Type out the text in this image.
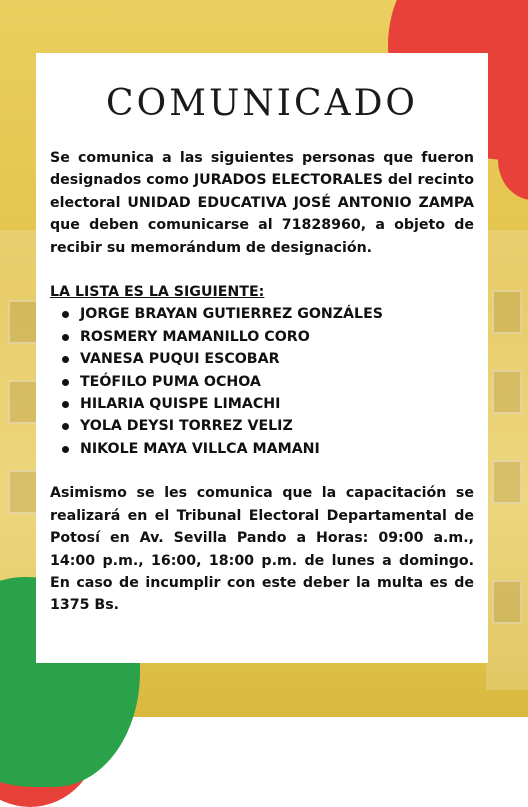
COMUNICADO

Se comunica a las siguientes personas que fueron designados como JURADOS ELECTORALES del recinto electoral UNIDAD EDUCATIVA JOSÉ ANTONIO ZAMPA que deben comunicarse al 71828960, a objeto de recibir su memorándum de designación.

LA LISTA ES LA SIGUIENTE:

JORGE BRAYAN GUTIERREZ GONZÁLES
ROSMERY MAMANILLO CORO
VANESA PUQUI ESCOBAR
TEÓFILO PUMA OCHOA
HILARIA QUISPE LIMACHI
YOLA DEYSI TORREZ VELIZ
NIKOLE MAYA VILLCA MAMANI

Asimismo se les comunica que la capacitación se realizará en el Tribunal Electoral Departamental de Potosí en Av. Sevilla Pando a Horas: 09:00 a.m., 14:00 p.m., 16:00, 18:00 p.m. de lunes a domingo. En caso de incumplir con este deber la multa es de 1375 Bs.
